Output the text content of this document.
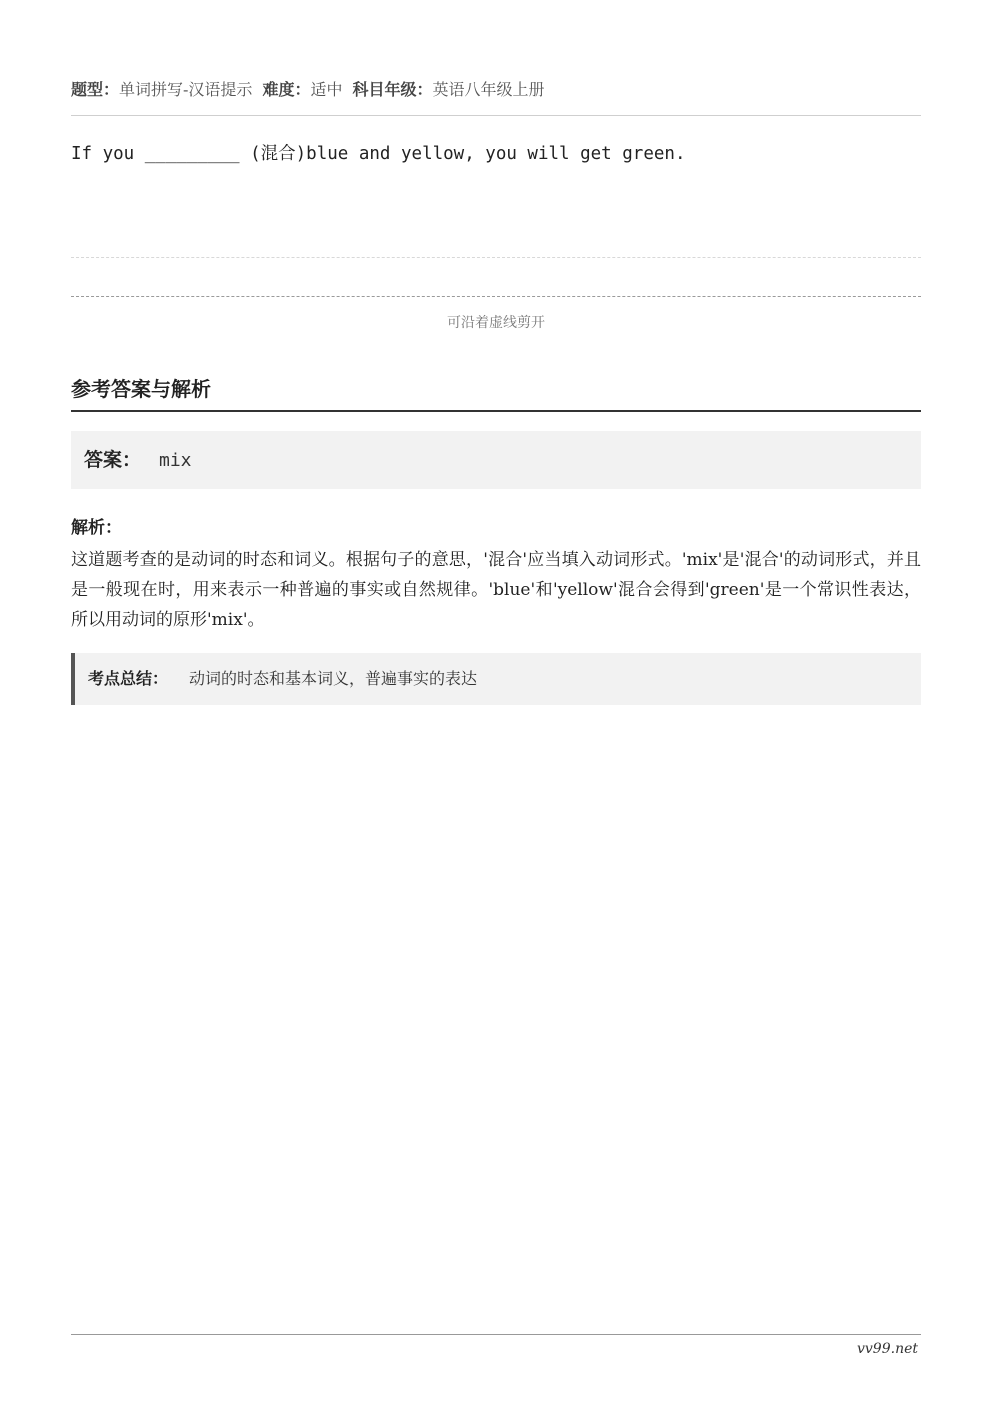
题型：单词拼写-汉语提示 难度：适中 科目年级：英语八年级上册
If you _________ (混合)blue and yellow, you will get green.
可沿着虚线剪开
参考答案与解析
答案： mix
解析：
这道题考查的是动词的时态和词义。根据句子的意思，'混合'应当填入动词形式。'mix'是'混合'的动词形式，并且是一般现在时，用来表示一种普遍的事实或自然规律。'blue'和'yellow'混合会得到'green'是一个常识性表达，所以用动词的原形'mix'。
考点总结： 动词的时态和基本词义，普遍事实的表达
vv99.net
